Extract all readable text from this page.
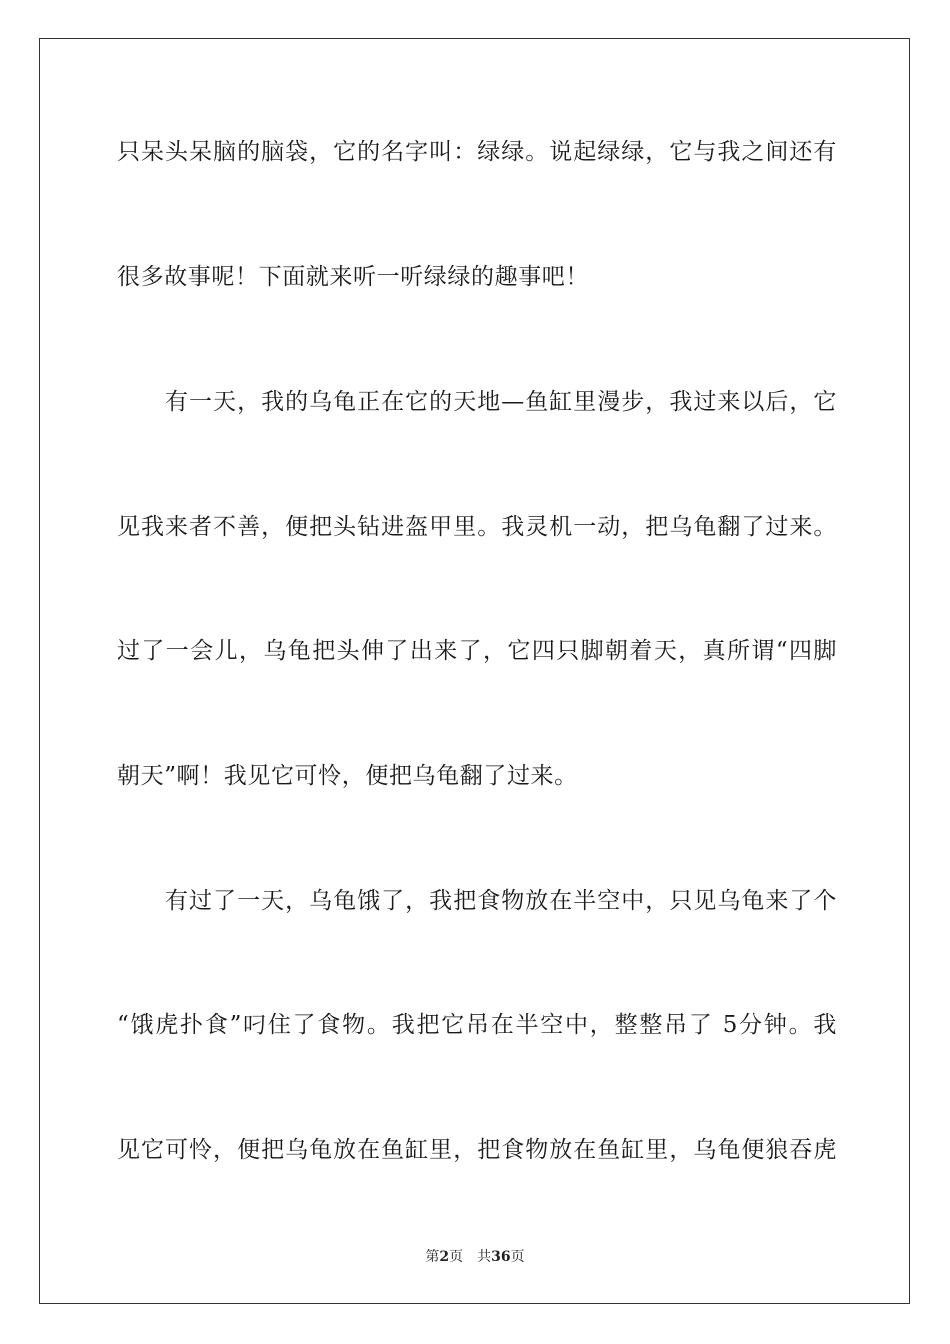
只呆头呆脑的脑袋，它的名字叫：绿绿。说起绿绿，它与我之间还有
很多故事呢！下面就来听一听绿绿的趣事吧！
　　有一天，我的乌龟正在它的天地—鱼缸里漫步，我过来以后，它
见我来者不善，便把头钻进盔甲里。我灵机一动，把乌龟翻了过来。
过了一会儿，乌龟把头伸了出来了，它四只脚朝着天，真所谓“四脚
朝天”啊！我见它可怜，便把乌龟翻了过来。
　　有过了一天，乌龟饿了，我把食物放在半空中，只见乌龟来了个
“饿虎扑食”叼住了食物。我把它吊在半空中，整整吊了 5分钟。我
见它可怜，便把乌龟放在鱼缸里，把食物放在鱼缸里，乌龟便狼吞虎
第2页 共36页
